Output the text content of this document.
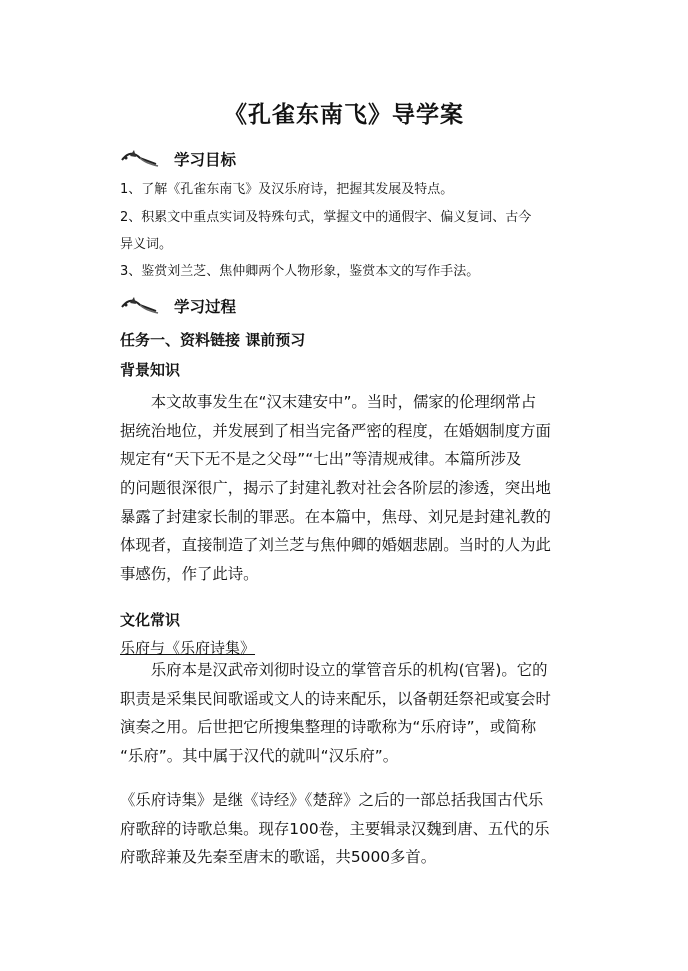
《孔雀东南飞》导学案
学习目标
1、了解《孔雀东南飞》及汉乐府诗，把握其发展及特点。
2、积累文中重点实词及特殊句式，掌握文中的通假字、偏义复词、古今
异义词。
3、鉴赏刘兰芝、焦仲卿两个人物形象，鉴赏本文的写作手法。
学习过程
任务一、资料链接 课前预习
背景知识
　　本文故事发生在“汉末建安中”。当时，儒家的伦理纲常占
据统治地位，并发展到了相当完备严密的程度，在婚姻制度方面
规定有“天下无不是之父母”“七出”等清规戒律。本篇所涉及
的问题很深很广，揭示了封建礼教对社会各阶层的渗透，突出地
暴露了封建家长制的罪恶。在本篇中，焦母、刘兄是封建礼教的
体现者，直接制造了刘兰芝与焦仲卿的婚姻悲剧。当时的人为此
事感伤，作了此诗。
文化常识
乐府与《乐府诗集》
　　乐府本是汉武帝刘彻时设立的掌管音乐的机构(官署)。它的
职责是采集民间歌谣或文人的诗来配乐，以备朝廷祭祀或宴会时
演奏之用。后世把它所搜集整理的诗歌称为“乐府诗”，或简称
“乐府”。其中属于汉代的就叫“汉乐府”。
《乐府诗集》是继《诗经》《楚辞》之后的一部总括我国古代乐
府歌辞的诗歌总集。现存100卷，主要辑录汉魏到唐、五代的乐
府歌辞兼及先秦至唐末的歌谣，共5000多首。
